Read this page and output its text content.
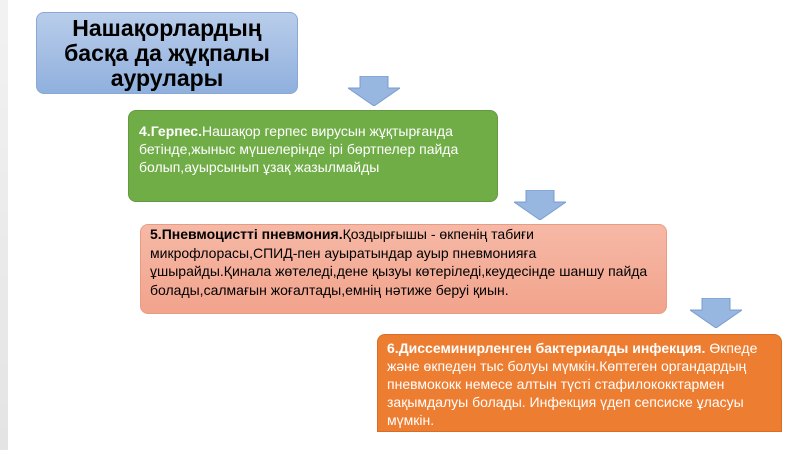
Нашақорлардың
басқа да жұқпалы
аурулары
4.Герпес.Нашақор герпес вирусын жұқтырғанда бетінде,жыныс мүшелерінде ірі бөртпелер пайда болып,ауырсынып ұзақ жазылмайды
5.Пневмоцистті пневмония.Қоздырғышы - өкпенің табиғи микрофлорасы,СПИД-пен ауыратындар ауыр пневмонияға ұшырайды.Қинала жөтеледі,дене қызуы көтеріледі,кеудесінде шаншу пайда болады,салмағын жоғалтады,емнің нәтиже беруі қиын.
6.Диссеминирленген бактериалды инфекция. Өкпеде және өкпеден тыс болуы мүмкін.Көптеген органдардың пневмококк немесе алтын түсті стафилококктармен зақымдалуы болады. Инфекция үдеп сепсиске ұласуы мүмкін.
